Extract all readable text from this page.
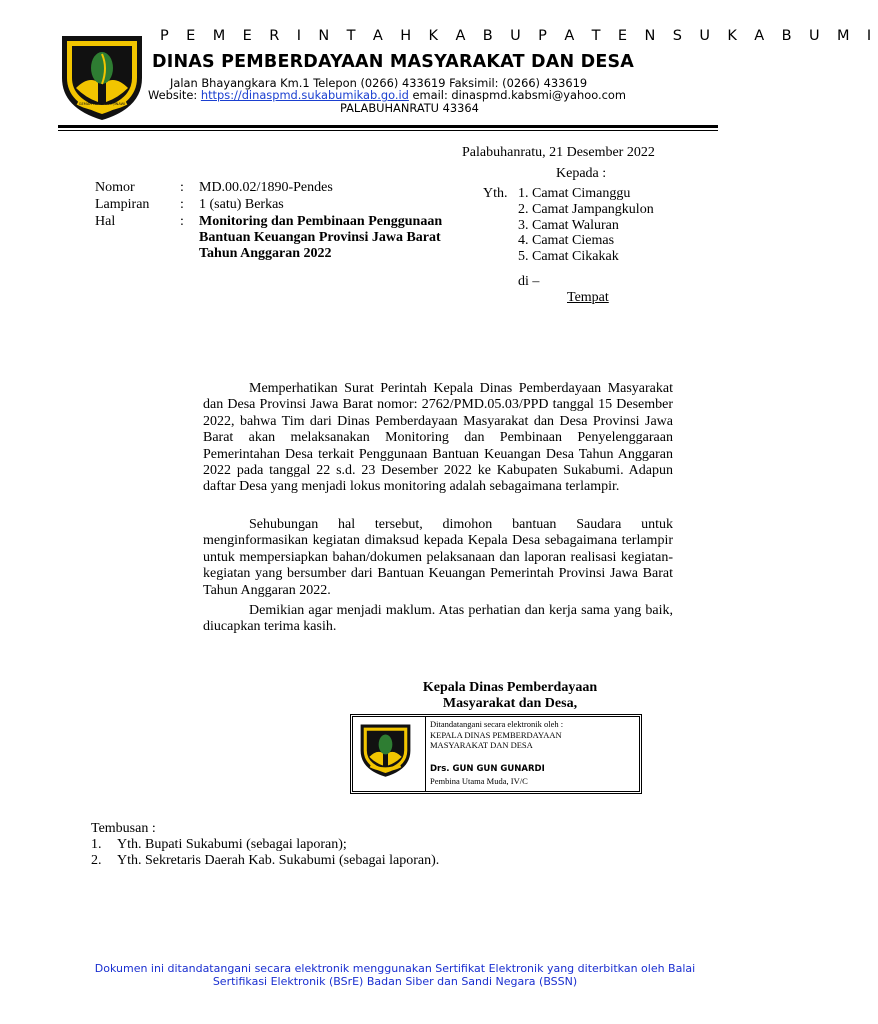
GEMAH RIPAH LOH JINAWI
P E M E R I N T A H K A B U P A T E N S U K A B U M I
DINAS PEMBERDAYAAN MASYARAKAT DAN DESA
Jalan Bhayangkara Km.1 Telepon (0266) 433619 Faksimil: (0266) 433619
Website: https://dinaspmd.sukabumikab.go.id email: dinaspmd.kabsmi@yahoo.com
PALABUHANRATU 43364
Palabuhanratu, 21 Desember 2022
Kepada :
Yth. 1. Camat Cimanggu
2. Camat Jampangkulon
3. Camat Waluran
4. Camat Ciemas
5. Camat Cikakak
di –
Tempat
Nomor	: MD.00.02/1890-Pendes
Lampiran : 1 (satu) Berkas
Hal	: Monitoring dan Pembinaan Penggunaan Bantuan Keuangan Provinsi Jawa Barat Tahun Anggaran 2022

Memperhatikan Surat Perintah Kepala Dinas Pemberdayaan Masyarakat dan Desa Provinsi Jawa Barat nomor: 2762/PMD.05.03/PPD tanggal 15 Desember 2022, bahwa Tim dari Dinas Pemberdayaan Masyarakat dan Desa Provinsi Jawa Barat akan melaksanakan Monitoring dan Pembinaan Penyelenggaraan Pemerintahan Desa terkait Penggunaan Bantuan Keuangan Desa Tahun Anggaran 2022 pada tanggal 22 s.d. 23 Desember 2022 ke Kabupaten Sukabumi. Adapun daftar Desa yang menjadi lokus monitoring adalah sebagaimana terlampir.

Sehubungan hal tersebut, dimohon bantuan Saudara untuk menginformasikan kegiatan dimaksud kepada Kepala Desa sebagaimana terlampir untuk mempersiapkan bahan/dokumen pelaksanaan dan laporan realisasi kegiatan-kegiatan yang bersumber dari Bantuan Keuangan Pemerintah Provinsi Jawa Barat Tahun Anggaran 2022.

Demikian agar menjadi maklum. Atas perhatian dan kerja sama yang baik, diucapkan terima kasih.

Kepala Dinas Pemberdayaan
Masyarakat dan Desa,
Ditandatangani secara elektronik oleh :
KEPALA DINAS PEMBERDAYAAN
MASYARAKAT DAN DESA
Drs. GUN GUN GUNARDI
Pembina Utama Muda, IV/C
Tembusan :
1. Yth. Bupati Sukabumi (sebagai laporan);
2. Yth. Sekretaris Daerah Kab. Sukabumi (sebagai laporan).
Dokumen ini ditandatangani secara elektronik menggunakan Sertifikat Elektronik yang diterbitkan oleh Balai Sertifikasi Elektronik (BSrE) Badan Siber dan Sandi Negara (BSSN)
